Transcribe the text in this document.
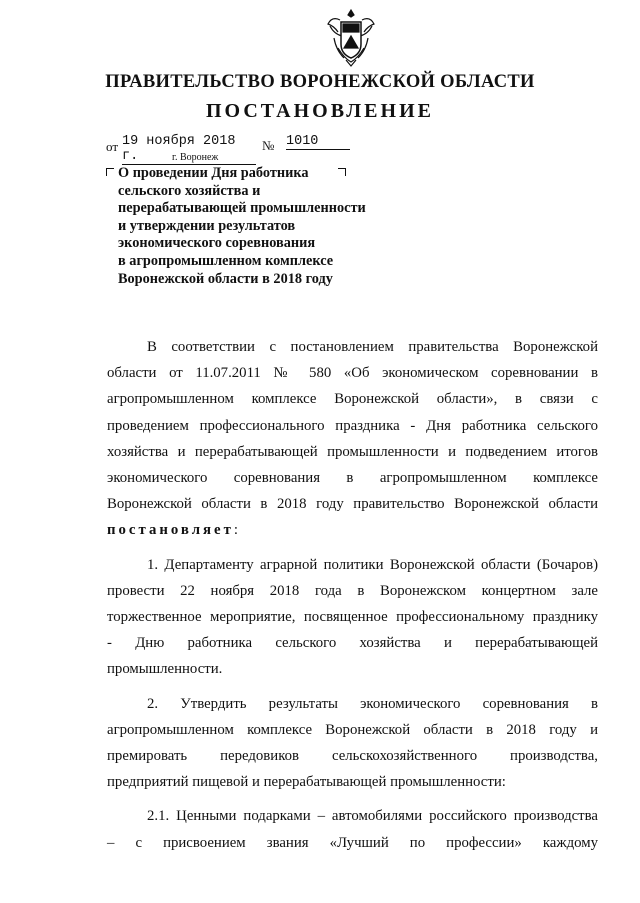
ПРАВИТЕЛЬСТВО ВОРОНЕЖСКОЙ ОБЛАСТИ
ПОСТАНОВЛЕНИЕ
от 19 ноября 2018 г.
№ 1010
г. Воронеж
О проведении Дня работника
сельского хозяйства и
перерабатывающей промышленности
и утверждении результатов
экономического соревнования
в агропромышленном комплексе
Воронежской области в 2018 году

В соответствии с постановлением правительства Воронежской

области от 11.07.2011 № 580 «Об экономическом соревновании в

агропромышленном комплексе Воронежской области», в связи с

проведением профессионального праздника - Дня работника сельского

хозяйства и перерабатывающей промышленности и подведением итогов

экономического соревнования в агропромышленном комплексе

Воронежской области в 2018 году правительство Воронежской области

постановляет:

1. Департаменту аграрной политики Воронежской области (Бочаров)

провести 22 ноября 2018 года в Воронежском концертном зале

торжественное мероприятие, посвященное профессиональному празднику

- Дню работника сельского хозяйства и перерабатывающей

промышленности.

2. Утвердить результаты экономического соревнования в

агропромышленном комплексе Воронежской области в 2018 году и

премировать передовиков сельскохозяйственного производства,

предприятий пищевой и перерабатывающей промышленности:

2.1. Ценными подарками – автомобилями российского производства

– с присвоением звания «Лучший по профессии» каждому
